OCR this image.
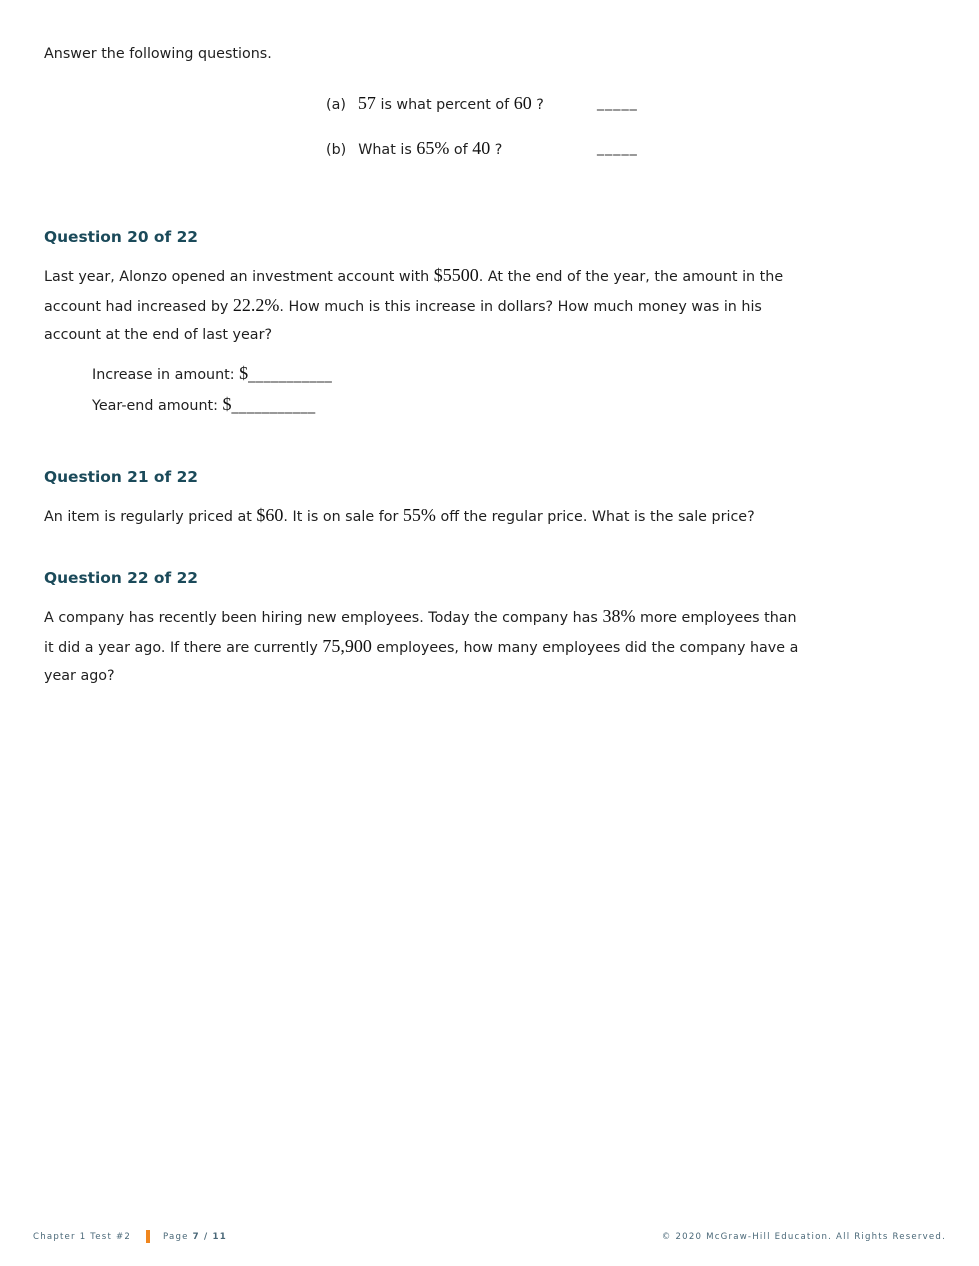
Answer the following questions.
(a) 57 is what percent of 60 ?	_____
(b) What is 65% of 40 ?	_____
Question 20 of 22
Last year, Alonzo opened an investment account with $5500. At the end of the year, the amount in the
account had increased by 22.2%. How much is this increase in dollars? How much money was in his
account at the end of last year?
Increase in amount: $___________
Year-end amount: $___________
Question 21 of 22
An item is regularly priced at $60. It is on sale for 55% off the regular price. What is the sale price?
Question 22 of 22
A company has recently been hiring new employees. Today the company has 38% more employees than
it did a year ago. If there are currently 75,900 employees, how many employees did the company have a
year ago?
Chapter 1 Test #2	Page 7 / 11	© 2020 McGraw-Hill Education. All Rights Reserved.
